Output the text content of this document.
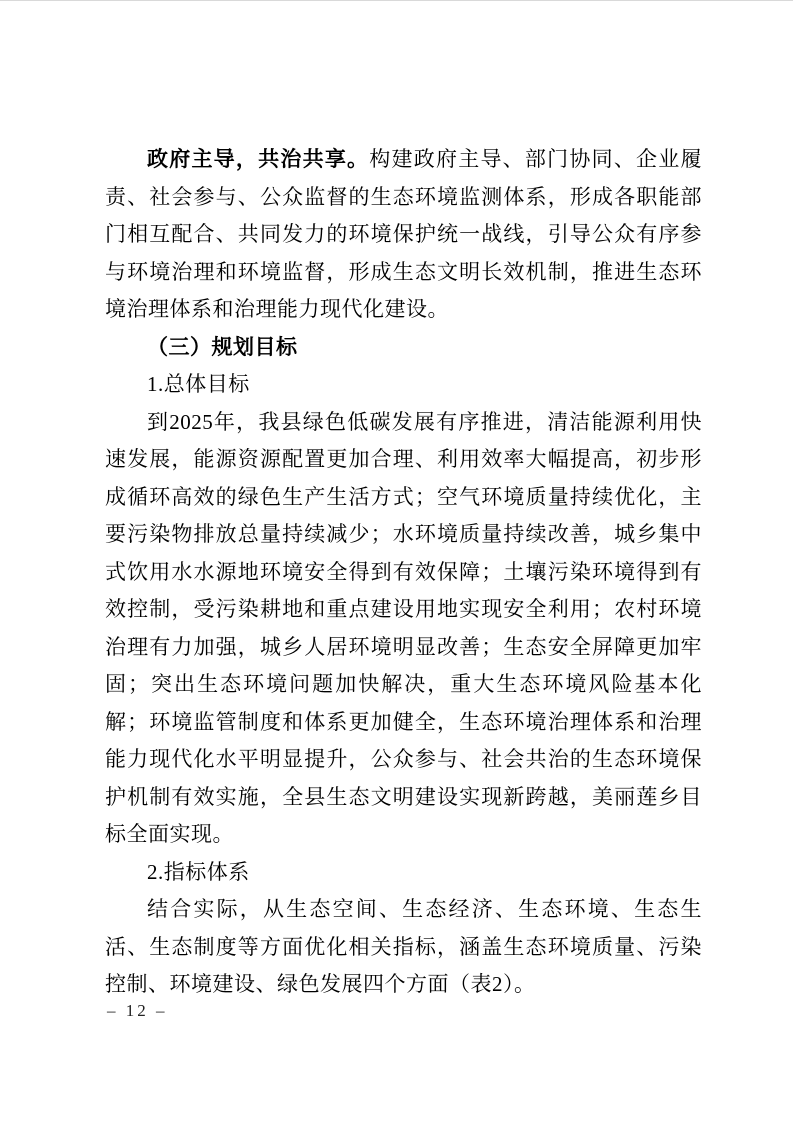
政府主导，共治共享。构建政府主导、部门协同、企业履责、社会参与、公众监督的生态环境监测体系，形成各职能部门相互配合、共同发力的环境保护统一战线，引导公众有序参与环境治理和环境监督，形成生态文明长效机制，推进生态环境治理体系和治理能力现代化建设。

（三）规划目标

1.总体目标

到2025年，我县绿色低碳发展有序推进，清洁能源利用快速发展，能源资源配置更加合理、利用效率大幅提高，初步形成循环高效的绿色生产生活方式；空气环境质量持续优化，主要污染物排放总量持续减少；水环境质量持续改善，城乡集中式饮用水水源地环境安全得到有效保障；土壤污染环境得到有效控制，受污染耕地和重点建设用地实现安全利用；农村环境治理有力加强，城乡人居环境明显改善；生态安全屏障更加牢固；突出生态环境问题加快解决，重大生态环境风险基本化解；环境监管制度和体系更加健全，生态环境治理体系和治理能力现代化水平明显提升，公众参与、社会共治的生态环境保护机制有效实施，全县生态文明建设实现新跨越，美丽莲乡目标全面实现。

2.指标体系

结合实际，从生态空间、生态经济、生态环境、生态生活、生态制度等方面优化相关指标，涵盖生态环境质量、污染控制、环境建设、绿色发展四个方面（表2）。

– 12 –
